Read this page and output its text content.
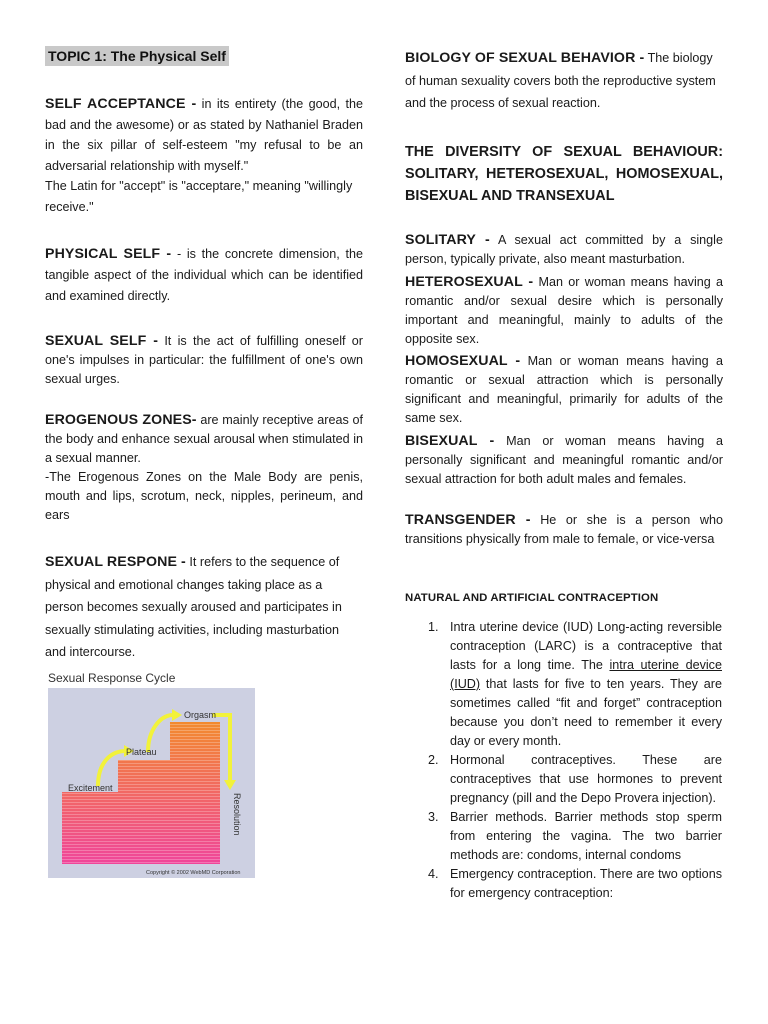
TOPIC 1: The Physical Self
SELF ACCEPTANCE - in its entirety (the good, the bad and the awesome) or as stated by Nathaniel Braden in the six pillar of self-esteem "my refusal to be an adversarial relationship with myself."
The Latin for "accept" is "acceptare," meaning "willingly receive."
PHYSICAL SELF - - is the concrete dimension, the tangible aspect of the individual which can be identified and examined directly.
SEXUAL SELF - It is the act of fulfilling oneself or one's impulses in particular: the fulfillment of one's own sexual urges.
EROGENOUS ZONES- are mainly receptive areas of the body and enhance sexual arousal when stimulated in a sexual manner.
-The Erogenous Zones on the Male Body are penis, mouth and lips, scrotum, neck, nipples, perineum, and ears
SEXUAL RESPONE - It refers to the sequence of physical and emotional changes taking place as a person becomes sexually aroused and participates in sexually stimulating activities, including masturbation and intercourse.
Sexual Response Cycle
Excitement
Plateau
Orgasm
Resolution
Copyright © 2002 WebMD Corporation
BIOLOGY OF SEXUAL BEHAVIOR - The biology of human sexuality covers both the reproductive system and the process of sexual reaction.
THE DIVERSITY OF SEXUAL BEHAVIOUR: SOLITARY, HETEROSEXUAL, HOMOSEXUAL, BISEXUAL AND TRANSEXUAL
SOLITARY - A sexual act committed by a single person, typically private, also meant masturbation.
HETEROSEXUAL - Man or woman means having a romantic and/or sexual desire which is personally important and meaningful, mainly to adults of the opposite sex.
HOMOSEXUAL - Man or woman means having a romantic or sexual attraction which is personally significant and meaningful, primarily for adults of the same sex.
BISEXUAL - Man or woman means having a personally significant and meaningful romantic and/or sexual attraction for both adult males and females.
TRANSGENDER - He or she is a person who transitions physically from male to female, or vice-versa
NATURAL AND ARTIFICIAL CONTRACEPTION
1. Intra uterine device (IUD) Long-acting reversible contraception (LARC) is a contraceptive that lasts for a long time. The intra uterine device (IUD) that lasts for five to ten years. They are sometimes called “fit and forget” contraception because you don’t need to remember it every day or every month.
2. Hormonal contraceptives. These are contraceptives that use hormones to prevent pregnancy (pill and the Depo Provera injection).
3. Barrier methods. Barrier methods stop sperm from entering the vagina. The two barrier methods are: condoms, internal condoms
4. Emergency contraception. There are two options for emergency contraception:
